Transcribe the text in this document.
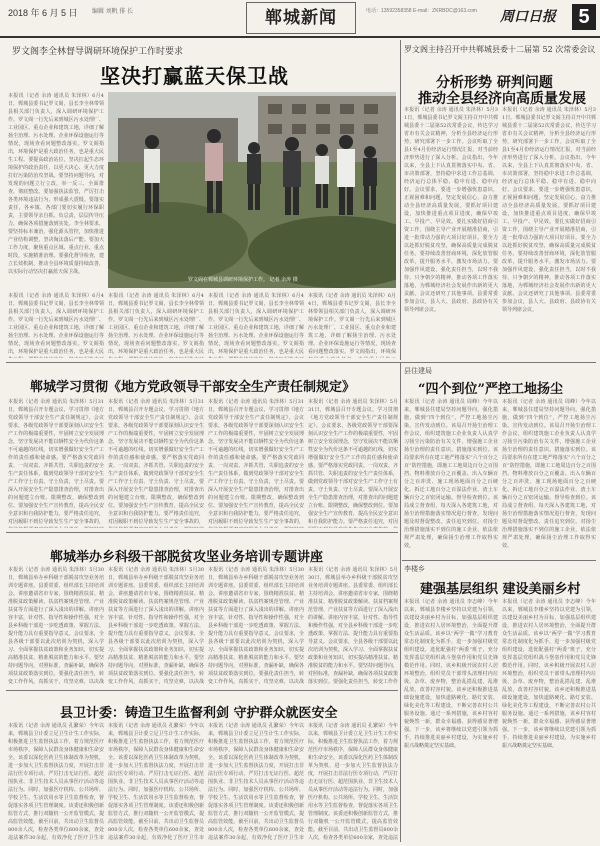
2018 年 6 月 5 日 编辑 刘帆 排 长	郸城新闻	电话：13592358358 E-mail：ZKRBDC@163.com 周口日报	5
罗文阁李全林督导调研环境保护工作时要求
坚决打赢蓝天保卫战
本报讯（记者 余涛 通讯员 朱泽林）6月4日，郸城县委书记罗文阁，县长李全林带领县相关部门负责人，深入调研环境保护工作。罗文阁一行先后来到城区污水处理厂、工业园区、重点企业和建筑工地，详细了解扬尘治理、污水处理、企业环保设施运行等情况，现场查看问题整改落实。罗文阁指出，环境保护是重大政治任务，也是重大民生工程。要提高政治站位，坚决扛起生态环境保护的政治责任，以更大决心、更大力度打好污染防治攻坚战。要坚持问题导向，对发现的问题立行立改，举一反三，全面排查，彻底整改。要加强执法监管，严厉打击各类环境违法行为，形成强大震慑。要落实责任，各乡镇、各部门要切实履行环保职责，主要领导亲自抓、负总责，层层传导压力，确保各项措施落到实处。李全林要求，要坚持标本兼治，强化源头管控，加快推进产业结构调整，坚决淘汰落后产能。要加大工作力度，聚焦重点区域、重点行业、重点时段，实施精准治理。要强化督导检查，建立长效机制，推动全县环境质量持续改善，以实际行动坚决打赢蓝天保卫战。
本报讯（记者 余涛 通讯员 朱泽林）6月4日，郸城县委书记罗文阁，县长李全林带领县相关部门负责人，深入调研环境保护工作。罗文阁一行先后来到城区污水处理厂、工业园区、重点企业和建筑工地，详细了解扬尘治理、污水处理、企业环保设施运行等情况，现场查看问题整改落实。罗文阁指出，环境保护是重大政治任务，也是重大民
本报讯（记者 余涛 通讯员 朱泽林）6月4日，郸城县委书记罗文阁，县长李全林带领县相关部门负责人，深入调研环境保护工作。罗文阁一行先后来到城区污水处理厂、工业园区、重点企业和建筑工地，详细了解扬尘治理、污水处理、企业环保设施运行等情况，现场查看问题整改落实。罗文阁指出，环境保护是重大政治任务，也是重大民
本报讯（记者 余涛 通讯员 朱泽林）6月4日，郸城县委书记罗文阁，县长李全林带领县相关部门负责人，深入调研环境保护工作。罗文阁一行先后来到城区污水处理厂、工业园区、重点企业和建筑工地，详细了解扬尘治理、污水处理、企业环保设施运行等情况，现场查看问题整改落实。罗文阁指出，环境保护是重大政治任务，也是重大民
本报讯（记者 余涛 通讯员 朱泽林）6月4日，郸城县委书记罗文阁，县长李全林带领县相关部门负责人，深入调研环境保护工作。罗文阁一行先后来到城区污水处理厂、工业园区、重点企业和建筑工地，详细了解扬尘治理、污水处理、企业环保设施运行等情况，现场查看问题整改落实。罗文阁指出，环境保
罗文阁在郸城县调研环境保护工作。 记者 余涛 摄
罗文阁主持召开中共郸城县委十二届第 52 次常委会议
分析形势 研判问题
推动全县经济向高质量发展
本报讯（记者 余涛 通讯员 朱泽林）5月31日，郸城县委书记罗文阁主持召开中共郸城县委十二届第52次常委会议，传达学习省市有关会议精神，分析全县经济运行形势，研究部署下一步工作。会议听取了全县1至4月份经济运行情况汇报，对当前经济形势进行了深入分析。会议指出，今年以来，全县上下认真贯彻落实中央、省、市决策部署，坚持稳中求进工作总基调，经济运行总体平稳、稳中有进、稳中向好。会议要求，要进一步增强忧患意识，正视困难和问题，坚定发展信心，奋力推动全县经济高质量发展。要抓好项目建设，加快推进重点项目进度，确保早竣工、早投产、早见效。要扎实做好招商引资工作，围绕主导产业开展精准招商，引进一批带动力强的大项目好项目。要全力以赴抓好脱贫攻坚，确保高质量完成脱贫任务。要持续改善营商环境，深化放管服改革，提升服务水平，激发市场活力。要加强作风建设，强化责任担当，以时不我待、只争朝夕的精神，推动各项工作落实落地，为郸城经济社会发展作出新的更大贡献。会议还研究了其他事项。县委常委参加会议，县人大、县政府、县政协有关领导列席会议。
本报讯（记者 余涛 通讯员 朱泽林）5月31日，郸城县委书记罗文阁主持召开中共郸城县委十二届第52次常委会议，传达学习省市有关会议精神，分析全县经济运行形势，研究部署下一步工作。会议听取了全县1至4月份经济运行情况汇报，对当前经济形势进行了深入分析。会议指出，今年以来，全县上下认真贯彻落实中央、省、市决策部署，坚持稳中求进工作总基调，经济运行总体平稳、稳中有进、稳中向好。会议要求，要进一步增强忧患意识，正视困难和问题，坚定发展信心，奋力推动全县经济高质量发展。要抓好项目建设，加快推进重点项目进度，确保早竣工、早投产、早见效。要扎实做好招商引资工作，围绕主导产业开展精准招商，引进一批带动力强的大项目好项目。要全力以赴抓好脱贫攻坚，确保高质量完成脱贫任务。要持续改善营商环境，深化放管服改革，提升服务水平，激发市场活力。要加强作风建设，强化责任担当，以时不我待、只争朝夕的精神，推动各项工作落实落地，为郸城经济社会发展作出新的更大贡献。会议还研究了其他事项。县委常委参加会议，县人大、县政府、县政协有关领导列席会议。
郸城学习贯彻《地方党政领导干部安全生产责任制规定》
本报讯（记者 余涛 通讯员 朱泽林）5月31日，郸城县召开专题会议，学习贯彻《地方党政领导干部安全生产责任制规定》。会议要求，各级党政领导干部要深刻认识安全生产工作的极端重要性，牢固树立安全发展理念，坚守发展决不能以牺牲安全为代价这条不可逾越的红线，切实增强做好安全生产工作的责任感和使命感。要严格落实党政同责、一岗双责、齐抓共管、失职追责的安全生产责任体系，做到党政领导干部对安全生产工作守土有责、守土负责、守土尽责。要深入开展安全生产隐患排查治理，对排查出的问题建立台账、限期整改，确保整改到位。要加强安全生产宣传教育，提高全民安全意识和自我防护能力。要严格责任追究，对因履职不到位导致发生生产安全事故的，
本报讯（记者 余涛 通讯员 朱泽林）5月31日，郸城县召开专题会议，学习贯彻《地方党政领导干部安全生产责任制规定》。会议要求，各级党政领导干部要深刻认识安全生产工作的极端重要性，牢固树立安全发展理念，坚守发展决不能以牺牲安全为代价这条不可逾越的红线，切实增强做好安全生产工作的责任感和使命感。要严格落实党政同责、一岗双责、齐抓共管、失职追责的安全生产责任体系，做到党政领导干部对安全生产工作守土有责、守土负责、守土尽责。要深入开展安全生产隐患排查治理，对排查出的问题建立台账、限期整改，确保整改到位。要加强安全生产宣传教育，提高全民安全意识和自我防护能力。要严格责任追究，对因履职不到位导致发生生产安全事故的，
本报讯（记者 余涛 通讯员 朱泽林）5月31日，郸城县召开专题会议，学习贯彻《地方党政领导干部安全生产责任制规定》。会议要求，各级党政领导干部要深刻认识安全生产工作的极端重要性，牢固树立安全发展理念，坚守发展决不能以牺牲安全为代价这条不可逾越的红线，切实增强做好安全生产工作的责任感和使命感。要严格落实党政同责、一岗双责、齐抓共管、失职追责的安全生产责任体系，做到党政领导干部对安全生产工作守土有责、守土负责、守土尽责。要深入开展安全生产隐患排查治理，对排查出的问题建立台账、限期整改，确保整改到位。要加强安全生产宣传教育，提高全民安全意识和自我防护能力。要严格责任追究，对因履职不到位导致发生生产安全事故的，
本报讯（记者 余涛 通讯员 朱泽林）5月31日，郸城县召开专题会议，学习贯彻《地方党政领导干部安全生产责任制规定》。会议要求，各级党政领导干部要深刻认识安全生产工作的极端重要性，牢固树立安全发展理念，坚守发展决不能以牺牲安全为代价这条不可逾越的红线，切实增强做好安全生产工作的责任感和使命感。要严格落实党政同责、一岗双责、齐抓共管、失职追责的安全生产责任体系，做到党政领导干部对安全生产工作守土有责、守土负责、守土尽责。要深入开展安全生产隐患排查治理，对排查出的问题建立台账、限期整改，确保整改到位。要加强安全生产宣传教育，提高全民安全意识和自我防护能力。要严格责任追究，对因
县住建局
“四个到位”严控工地扬尘
本报讯（记者 余涛 通讯员 周峰）今年以来，郸城县住建局坚持问题导向，强化措施，做到“四个到位”，严控工地扬尘污染。宣传发动到位。该局召开扬尘治理工作会议，组织建筑施工企业负责人认真学习扬尘污染防治有关文件，增强施工企业扬尘治理的责任意识。措施落实到位。该局要求所有在建工地严格落实“六个百分之百”防控措施，即施工工地周边百分之百围挡、物料堆放百分之百覆盖、出入车辆百分之百冲洗、施工现场地面百分之百硬化、拆迁工地百分之百湿法作业、渣土车辆百分之百密闭运输。督导检查到位。该局成立督查组，每天深入各建筑工地，对扬尘治理措施落实情况进行督查，发现问题及时督促整改。责任追究到位。对扬尘治理措施落实不到位的施工企业，依法依规严肃处理，确保扬尘治理工作取得实效。
本报讯（记者 余涛 通讯员 周峰）今年以来，郸城县住建局坚持问题导向，强化措施，做到“四个到位”，严控工地扬尘污染。宣传发动到位。该局召开扬尘治理工作会议，组织建筑施工企业负责人认真学习扬尘污染防治有关文件，增强施工企业扬尘治理的责任意识。措施落实到位。该局要求所有在建工地严格落实“六个百分之百”防控措施，即施工工地周边百分之百围挡、物料堆放百分之百覆盖、出入车辆百分之百冲洗、施工现场地面百分之百硬化、拆迁工地百分之百湿法作业、渣土车辆百分之百密闭运输。督导检查到位。该局成立督查组，每天深入各建筑工地，对扬尘治理措施落实情况进行督查，发现问题及时督促整改。责任追究到位。对扬尘治理措施落实不到位的施工企业，依法依规严肃处理，确保扬尘治理工作取得实效。
郸城举办乡科级干部脱贫攻坚业务培训专题讲座
本报讯（记者 余涛 通讯员 朱泽林）5月30日，郸城县举办乡科级干部脱贫攻坚业务培训专题讲座。县委常委、组织部长主持培训会。讲座邀请省市专家，围绕精准扶贫、精准脱贫政策解读、扶贫档案规范管理、产业扶贫等方面进行了深入浅出的讲解。讲座内容丰富，针对性、指导性和操作性强，对全县乡科级干部进一步吃透政策、掌握方法、提升能力具有重要指导意义。会议要求，全县各级干部要以此次培训为契机，深入学习、全面掌握扶贫政策和业务知识，切实提高精准扶贫、精准脱贫的能力和水平。要坚持问题导向，对照标准，查漏补缺，确保各项扶贫政策落实到位。要强化责任担当，转变工作作风，真抓实干，攻坚克难，以决战
本报讯（记者 余涛 通讯员 朱泽林）5月30日，郸城县举办乡科级干部脱贫攻坚业务培训专题讲座。县委常委、组织部长主持培训会。讲座邀请省市专家，围绕精准扶贫、精准脱贫政策解读、扶贫档案规范管理、产业扶贫等方面进行了深入浅出的讲解。讲座内容丰富，针对性、指导性和操作性强，对全县乡科级干部进一步吃透政策、掌握方法、提升能力具有重要指导意义。会议要求，全县各级干部要以此次培训为契机，深入学习、全面掌握扶贫政策和业务知识，切实提高精准扶贫、精准脱贫的能力和水平。要坚持问题导向，对照标准，查漏补缺，确保各项扶贫政策落实到位。要强化责任担当，转变工作作风，真抓实干，攻坚克难，以决战
本报讯（记者 余涛 通讯员 朱泽林）5月30日，郸城县举办乡科级干部脱贫攻坚业务培训专题讲座。县委常委、组织部长主持培训会。讲座邀请省市专家，围绕精准扶贫、精准脱贫政策解读、扶贫档案规范管理、产业扶贫等方面进行了深入浅出的讲解。讲座内容丰富，针对性、指导性和操作性强，对全县乡科级干部进一步吃透政策、掌握方法、提升能力具有重要指导意义。会议要求，全县各级干部要以此次培训为契机，深入学习、全面掌握扶贫政策和业务知识，切实提高精准扶贫、精准脱贫的能力和水平。要坚持问题导向，对照标准，查漏补缺，确保各项扶贫政策落实到位。要强化责任担当，转变工作作风，真抓实干，攻坚克难，以决战
本报讯（记者 余涛 通讯员 朱泽林）5月30日，郸城县举办乡科级干部脱贫攻坚业务培训专题讲座。县委常委、组织部长主持培训会。讲座邀请省市专家，围绕精准扶贫、精准脱贫政策解读、扶贫档案规范管理、产业扶贫等方面进行了深入浅出的讲解。讲座内容丰富，针对性、指导性和操作性强，对全县乡科级干部进一步吃透政策、掌握方法、提升能力具有重要指导意义。会议要求，全县各级干部要以此次培训为契机，深入学习、全面掌握扶贫政策和业务知识，切实提高精准扶贫、精准脱贫的能力和水平。要坚持问题导向，对照标准，查漏补缺，确保各项扶贫政策落实到位。要强化责任担当，转变工作作
李楼乡
建强基层组织 建设美丽乡村
本报讯（记者 余涛 通讯员 李志峰）今年以来，郸城县李楼乡坚持以党建为引领，以建设美丽乡村为目标，加强基层组织建设，推进农村人居环境整治，全面提升群众生活品质。该乡以“两学一做”学习教育常态化制度化为抓手，进一步加强村级党组织建设，选优配强村“两委”班子，充分发挥基层党组织战斗堡垒作用和党员先锋模范作用。同时，该乡积极开展农村人居环境整治，组织党员干部带头清理村内垃圾、杂草、废弃物，整治乱搭乱建、乱堆乱放，改善村容村貌。该乡还积极推进基础设施建设，加快道路硬化、路灯安装、绿化美化等工程建设，不断完善农村公共服务设施。通过一系列措施，该乡村容村貌焕然一新，群众幸福感、获得感显著增强。下一步，该乡将继续以党建引领为抓手，持续推进美丽乡村建设，为实施乡村振兴战略奠定坚实基础。
本报讯（记者 余涛 通讯员 李志峰）今年以来，郸城县李楼乡坚持以党建为引领，以建设美丽乡村为目标，加强基层组织建设，推进农村人居环境整治，全面提升群众生活品质。该乡以“两学一做”学习教育常态化制度化为抓手，进一步加强村级党组织建设，选优配强村“两委”班子，充分发挥基层党组织战斗堡垒作用和党员先锋模范作用。同时，该乡积极开展农村人居环境整治，组织党员干部带头清理村内垃圾、杂草、废弃物，整治乱搭乱建、乱堆乱放，改善村容村貌。该乡还积极推进基础设施建设，加快道路硬化、路灯安装、绿化美化等工程建设，不断完善农村公共服务设施。通过一系列措施，该乡村容村貌焕然一新，群众幸福感、获得感显著增强。下一步，该乡将继续以党建引领为抓手，持续推进美丽乡村建设，为实施乡村振兴战略奠定坚实基础。
县卫计委：铸造卫生监督利剑 守护群众就医安全
本报讯（记者 余涛 通讯员 孔繁荣）今年以来，郸城县卫计委立足卫生计生工作实际，积极推进卫生监督执法工作，着力规范医疗市场秩序，保障人民群众身体健康和生命安全。该委以深化医药卫生体制改革为契机，进一步加大卫生监督执法力度，开展打击非法行医专项行动，严厉打击无证行医、超范围执业、非卫生技术人员从事医疗活动等违法行为。同时，加强医疗机构、公共场所、学校卫生、生活饮用水等卫生监督检查，督促落实各项卫生管理制度。该委还积极创新监管方式，推行双随机一公开监管模式，提高监管效能。截至目前，共出动卫生监督员800余人次，检查各类单位600余家，查处违法案件30余起，有效净化了医疗卫生市
本报讯（记者 余涛 通讯员 孔繁荣）今年以来，郸城县卫计委立足卫生计生工作实际，积极推进卫生监督执法工作，着力规范医疗市场秩序，保障人民群众身体健康和生命安全。该委以深化医药卫生体制改革为契机，进一步加大卫生监督执法力度，开展打击非法行医专项行动，严厉打击无证行医、超范围执业、非卫生技术人员从事医疗活动等违法行为。同时，加强医疗机构、公共场所、学校卫生、生活饮用水等卫生监督检查，督促落实各项卫生管理制度。该委还积极创新监管方式，推行双随机一公开监管模式，提高监管效能。截至目前，共出动卫生监督员800余人次，检查各类单位600余家，查处违法案件30余起，有效净化了医疗卫生市
本报讯（记者 余涛 通讯员 孔繁荣）今年以来，郸城县卫计委立足卫生计生工作实际，积极推进卫生监督执法工作，着力规范医疗市场秩序，保障人民群众身体健康和生命安全。该委以深化医药卫生体制改革为契机，进一步加大卫生监督执法力度，开展打击非法行医专项行动，严厉打击无证行医、超范围执业、非卫生技术人员从事医疗活动等违法行为。同时，加强医疗机构、公共场所、学校卫生、生活饮用水等卫生监督检查，督促落实各项卫生管理制度。该委还积极创新监管方式，推行双随机一公开监管模式，提高监管效能。截至目前，共出动卫生监督员800余人次，检查各类单位600余家，查处违法案件30余起，有效净化了医疗卫生市
本报讯（记者 余涛 通讯员 孔繁荣）今年以来，郸城县卫计委立足卫生计生工作实际，积极推进卫生监督执法工作，着力规范医疗市场秩序，保障人民群众身体健康和生命安全。该委以深化医药卫生体制改革为契机，进一步加大卫生监督执法力度，开展打击非法行医专项行动，严厉打击无证行医、超范围执业、非卫生技术人员从事医疗活动等违法行为。同时，加强医疗机构、公共场所、学校卫生、生活饮用水等卫生监督检查，督促落实各项卫生管理制度。该委还积极创新监管方式，推行双随机一公开监管模式，提高监管效能。截至目前，共出动卫生监督员800余人次，检查各类单位600余家，查处违法
